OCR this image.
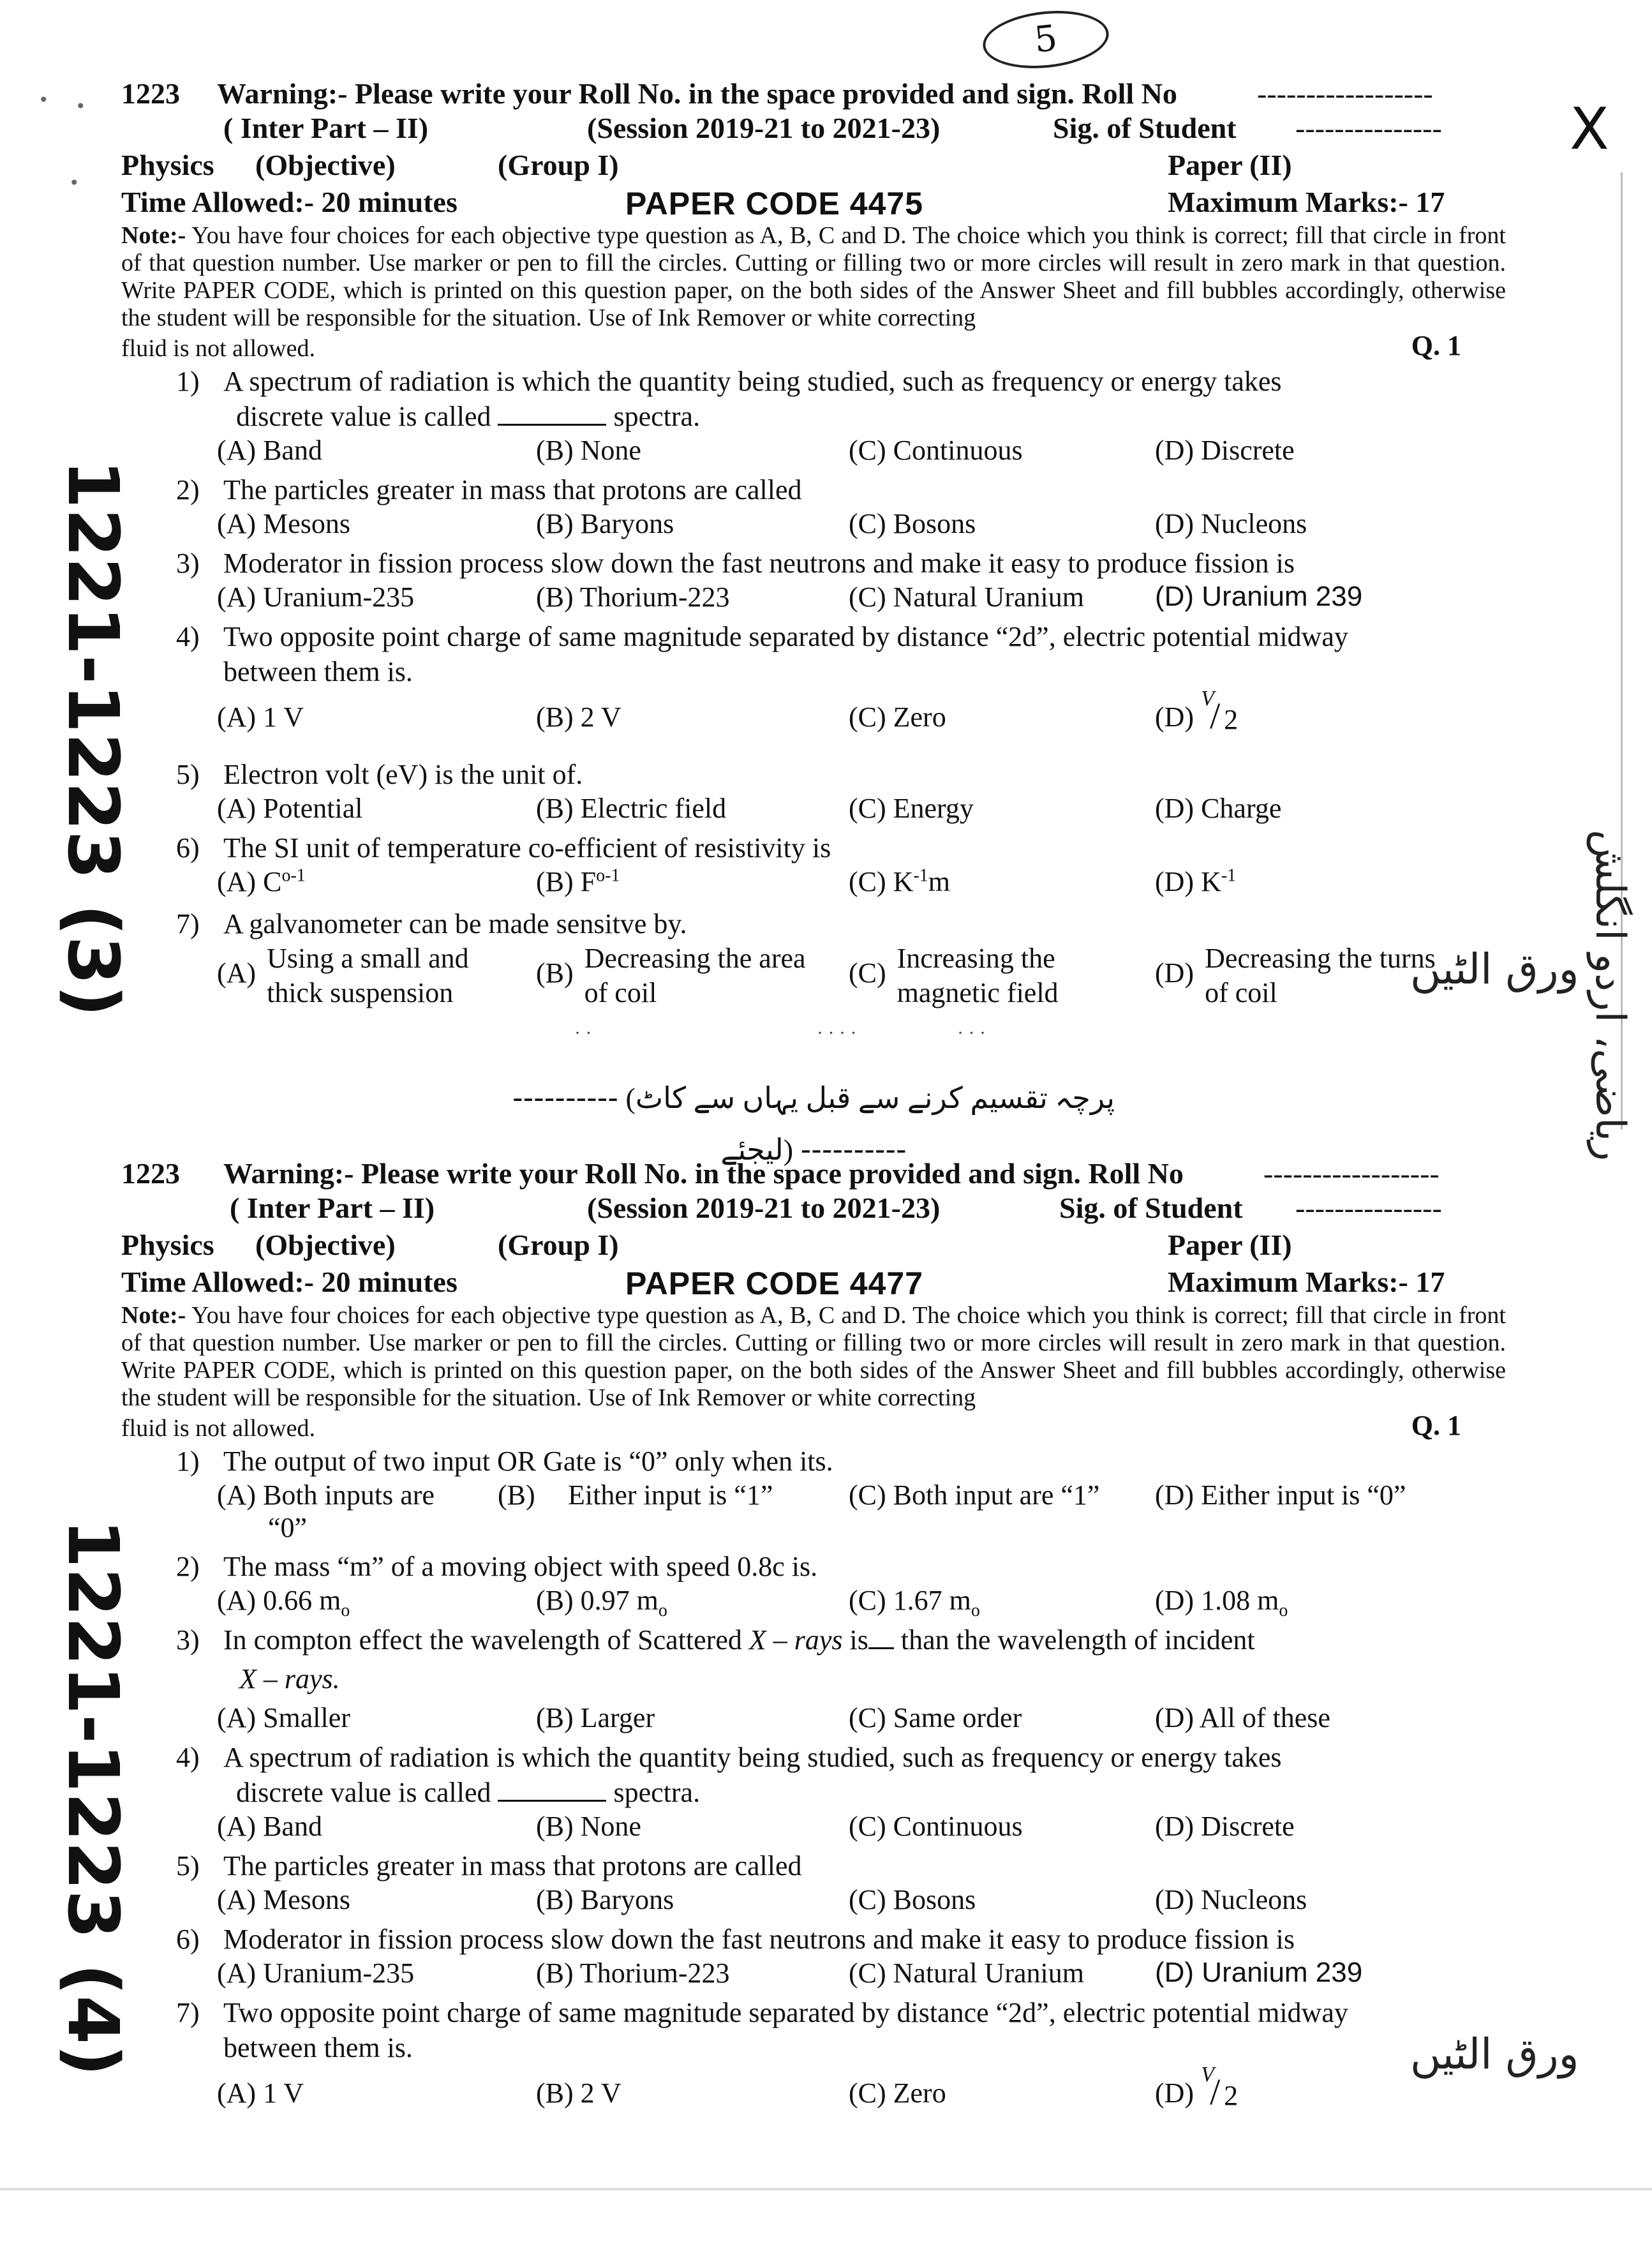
5
X
1221-1223 (3)
1221-1223 (4)
ریاضی، اردو انگلش
ورق الٹیں
ورق الٹیں
• •
•
· ·	· · · ·	· · ·
---------- (پرچہ تقسیم کرنے سے قبل یہاں سے کاٹ لیجئے) ----------
1223 Warning:- Please write your Roll No. in the space provided and sign. Roll No	------------------
( Inter Part – II)	(Session 2019-21 to 2021-23)	Sig. of Student ---------------
Physics (Objective)	(Group I)	Paper (II)
Time Allowed:- 20 minutes	PAPER CODE 4475	Maximum Marks:- 17
Note:- You have four choices for each objective type question as A, B, C and D. The choice which you think is correct; fill that circle in front of that question number. Use marker or pen to fill the circles. Cutting or filling two or more circles will result in zero mark in that question. Write PAPER CODE, which is printed on this question paper, on the both sides of the Answer Sheet and fill bubbles accordingly, otherwise the student will be responsible for the situation. Use of Ink Remover or white correcting
fluid is not allowed.	Q. 1
1) A spectrum of radiation is which the quantity being studied, such as frequency or energy takes
discrete value is called	spectra.
(A) Band	(B) None	(C) Continuous	(D) Discrete
2) The particles greater in mass that protons are called
(A) Mesons	(B) Baryons	(C) Bosons	(D) Nucleons
3) Moderator in fission process slow down the fast neutrons and make it easy to produce fission is
(A) Uranium-235	(B) Thorium-223	(C) Natural Uranium	(D) Uranium 239
4) Two opposite point charge of same magnitude separated by distance “2d”, electric potential midway
between them is.
(A) 1 V	(B) 2 V	(C) Zero	(D)
V
/ 2
5) Electron volt (eV) is the unit of.
(A) Potential	(B) Electric field	(C) Energy	(D) Charge
6) The SI unit of temperature co-efficient of resistivity is
(A) $C^{o-1}$	(B) $F^{o-1}$	(C) $K^{-1}m$	(D) $K^{-1}$
7) A galvanometer can be made sensitve by.
(A) Using a small and
thick suspension
(B) Decreasing the area
of coil
(C) Increasing the
magnetic field
(D) Decreasing the turns
of coil
1223 Warning:- Please write your Roll No. in the space provided and sign. Roll No	------------------
( Inter Part – II)	(Session 2019-21 to 2021-23)	Sig. of Student ---------------
Physics (Objective)	(Group I)	Paper (II)
Time Allowed:- 20 minutes	PAPER CODE 4477	Maximum Marks:- 17
Note:- You have four choices for each objective type question as A, B, C and D. The choice which you think is correct; fill that circle in front of that question number. Use marker or pen to fill the circles. Cutting or filling two or more circles will result in zero mark in that question. Write PAPER CODE, which is printed on this question paper, on the both sides of the Answer Sheet and fill bubbles accordingly, otherwise the student will be responsible for the situation. Use of Ink Remover or white correcting
fluid is not allowed.	Q. 1
1) The output of two input OR Gate is “0” only when its.
(A) Both inputs are
“0”
(B) Either input is “1”	(C) Both input are “1” (D) Either input is “0”
2) The mass “m” of a moving object with speed 0.8c is.
(A) 0.66 $m_o$	(B) 0.97 $m_o$	(C) 1.67 $m_o$	(D) 1.08 $m_o$
3) In compton effect the wavelength of Scattered X – rays is than the wavelength of incident
X – rays.
(A) Smaller	(B) Larger	(C) Same order	(D) All of these
4) A spectrum of radiation is which the quantity being studied, such as frequency or energy takes
discrete value is called	spectra.
(A) Band	(B) None	(C) Continuous	(D) Discrete
5) The particles greater in mass that protons are called
(A) Mesons	(B) Baryons	(C) Bosons	(D) Nucleons
6) Moderator in fission process slow down the fast neutrons and make it easy to produce fission is
(A) Uranium-235	(B) Thorium-223	(C) Natural Uranium	(D) Uranium 239
7) Two opposite point charge of same magnitude separated by distance “2d”, electric potential midway
between them is.
(A) 1 V	(B) 2 V	(C) Zero	(D)
V
/ 2
